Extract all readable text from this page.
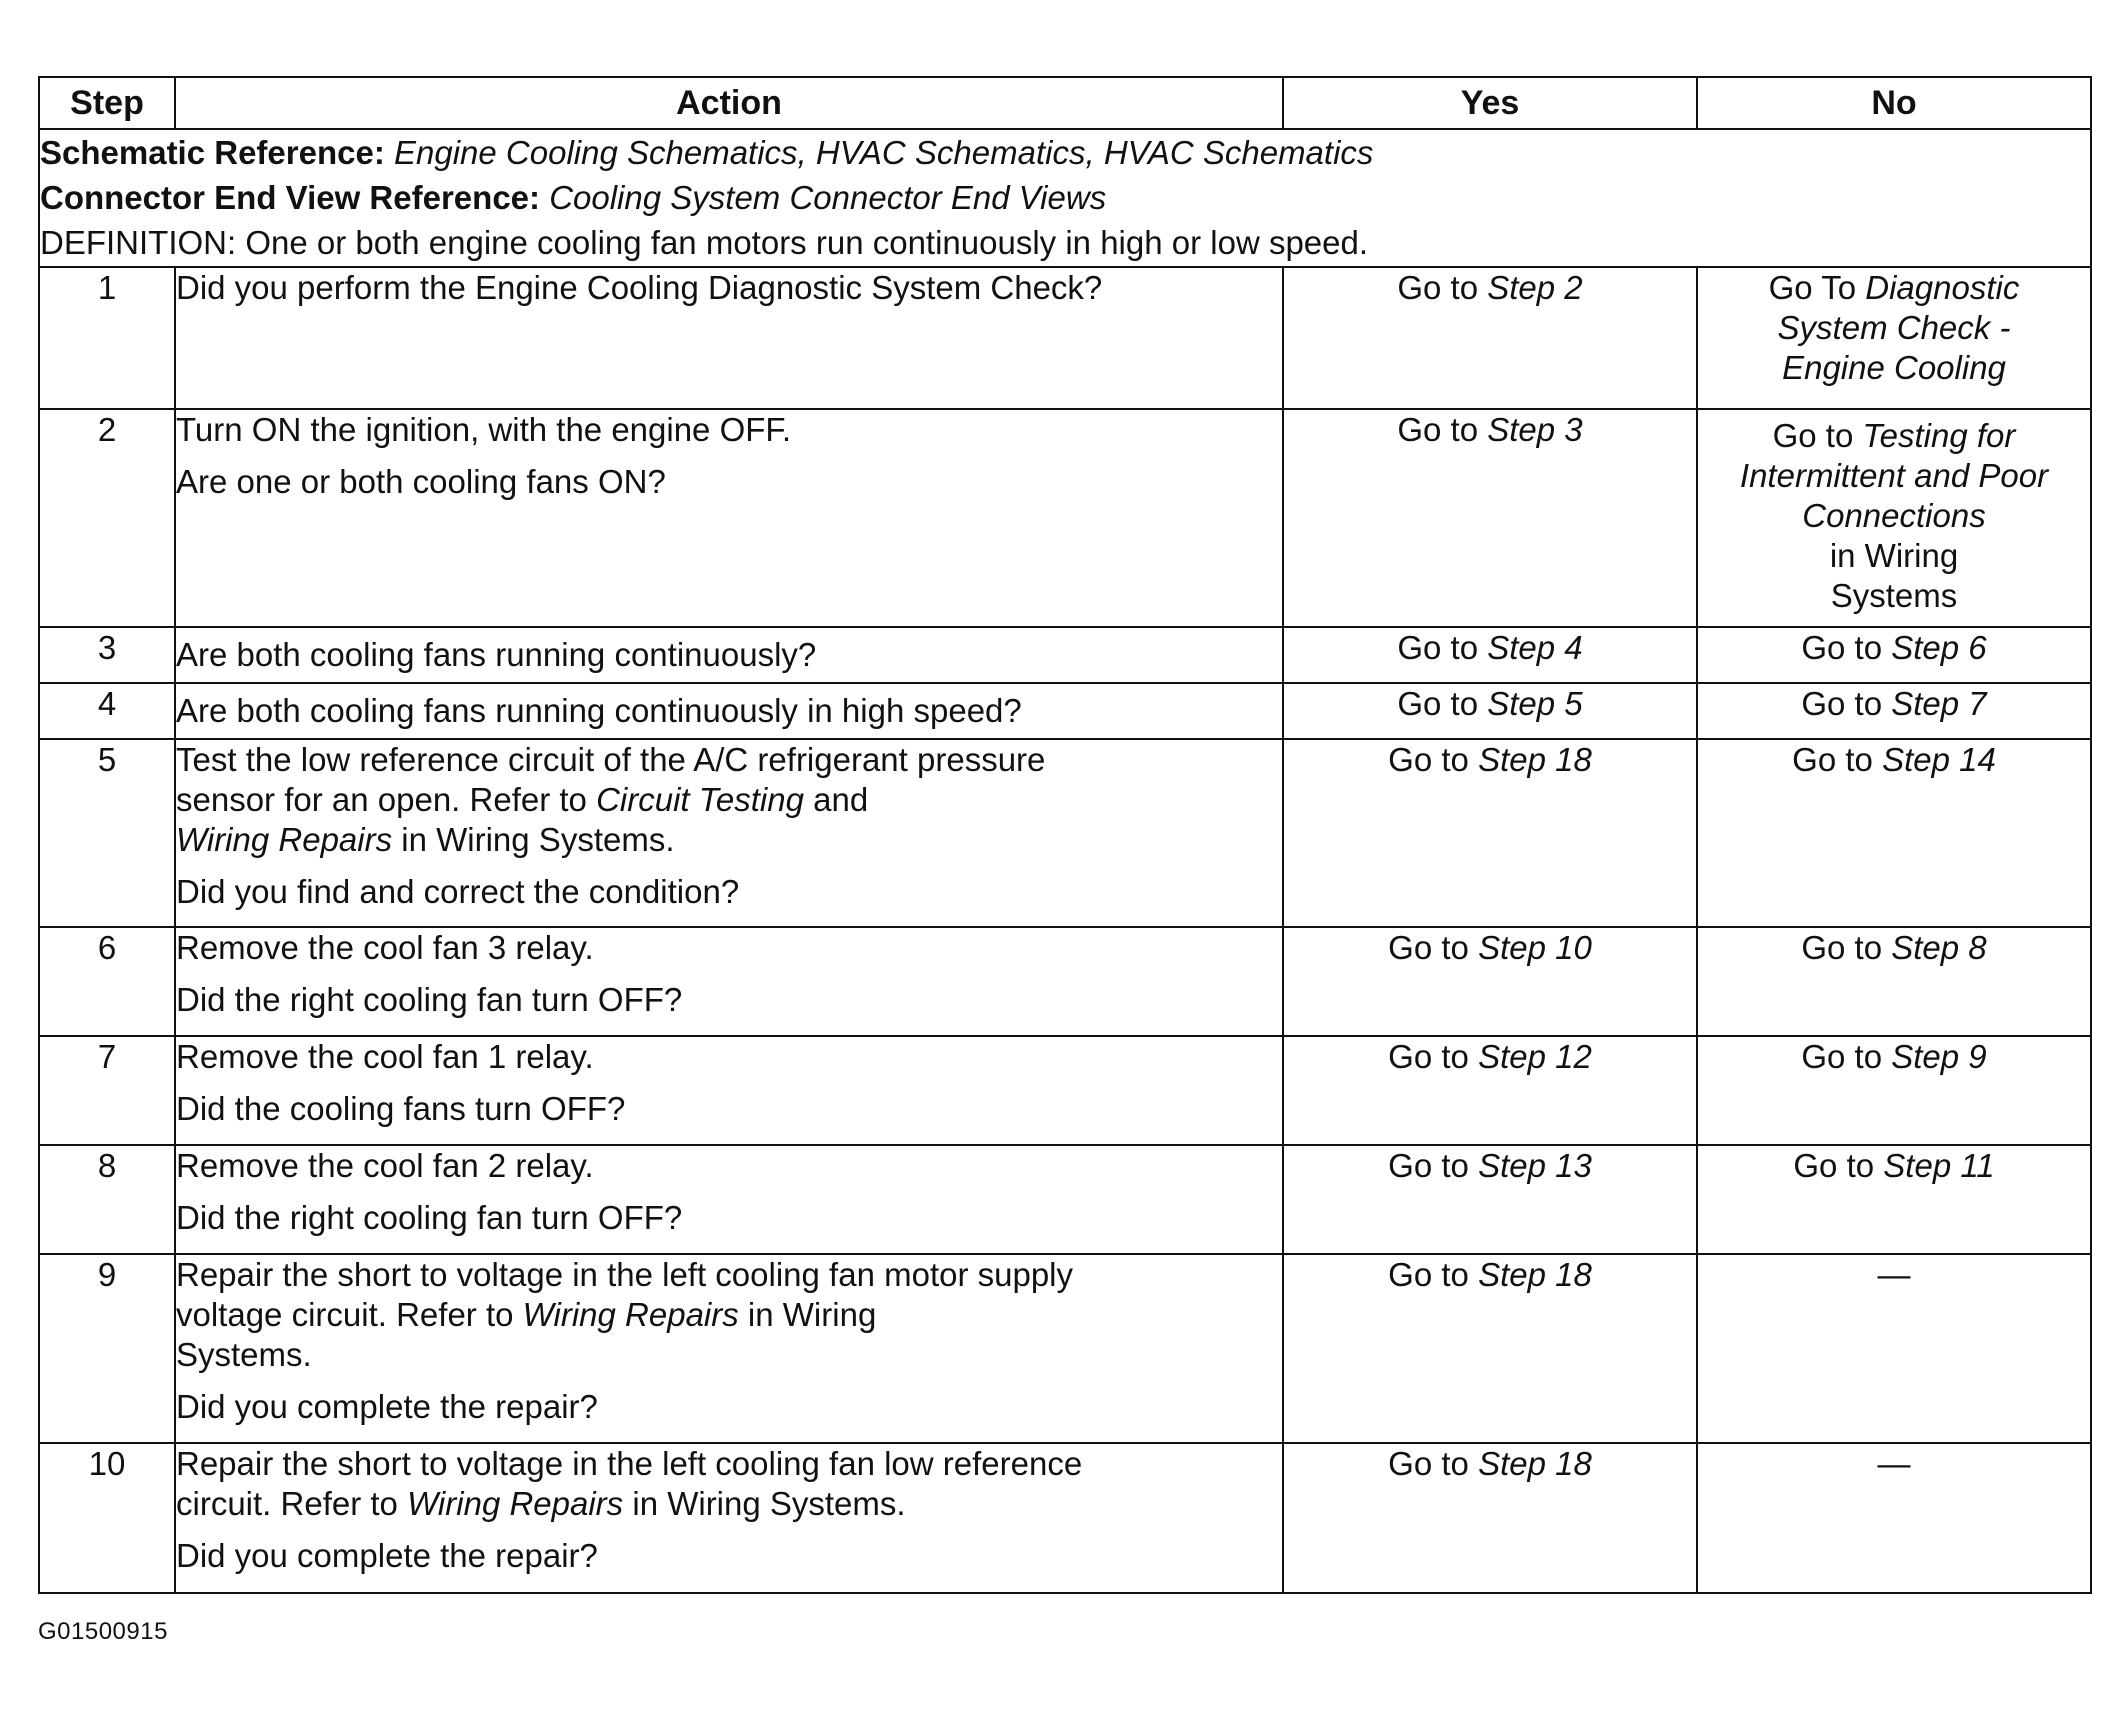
Step	Action	Yes	No

Schematic Reference: Engine Cooling Schematics, HVAC Schematics, HVAC Schematics
Connector End View Reference: Cooling System Connector End Views
DEFINITION: One or both engine cooling fan motors run continuously in high or low speed.			

1	Did you perform the Engine Cooling Diagnostic System Check?	Go to Step 2	Go To Diagnostic
System Check -
Engine Cooling

2	Turn ON the ignition, with the engine OFF.
Are one or both cooling fans ON?	Go to Step 3	Go to Testing for
Intermittent and Poor
Connections
in Wiring
Systems

3	Are both cooling fans running continuously?	Go to Step 4	Go to Step 6
4	Are both cooling fans running continuously in high speed?	Go to Step 5	Go to Step 7
5	Test the low reference circuit of the A/C refrigerant pressure
sensor for an open. Refer to Circuit Testing and
Wiring Repairs in Wiring Systems.
Did you find and correct the condition?	Go to Step 18	Go to Step 14
6	Remove the cool fan 3 relay.
Did the right cooling fan turn OFF?	Go to Step 10	Go to Step 8
7	Remove the cool fan 1 relay.
Did the cooling fans turn OFF?	Go to Step 12	Go to Step 9
8	Remove the cool fan 2 relay.
Did the right cooling fan turn OFF?	Go to Step 13	Go to Step 11
9	Repair the short to voltage in the left cooling fan motor supply
voltage circuit. Refer to Wiring Repairs in Wiring
Systems.
Did you complete the repair?	Go to Step 18	—
10	Repair the short to voltage in the left cooling fan low reference
circuit. Refer to Wiring Repairs in Wiring Systems.
Did you complete the repair?	Go to Step 18	—
G01500915
